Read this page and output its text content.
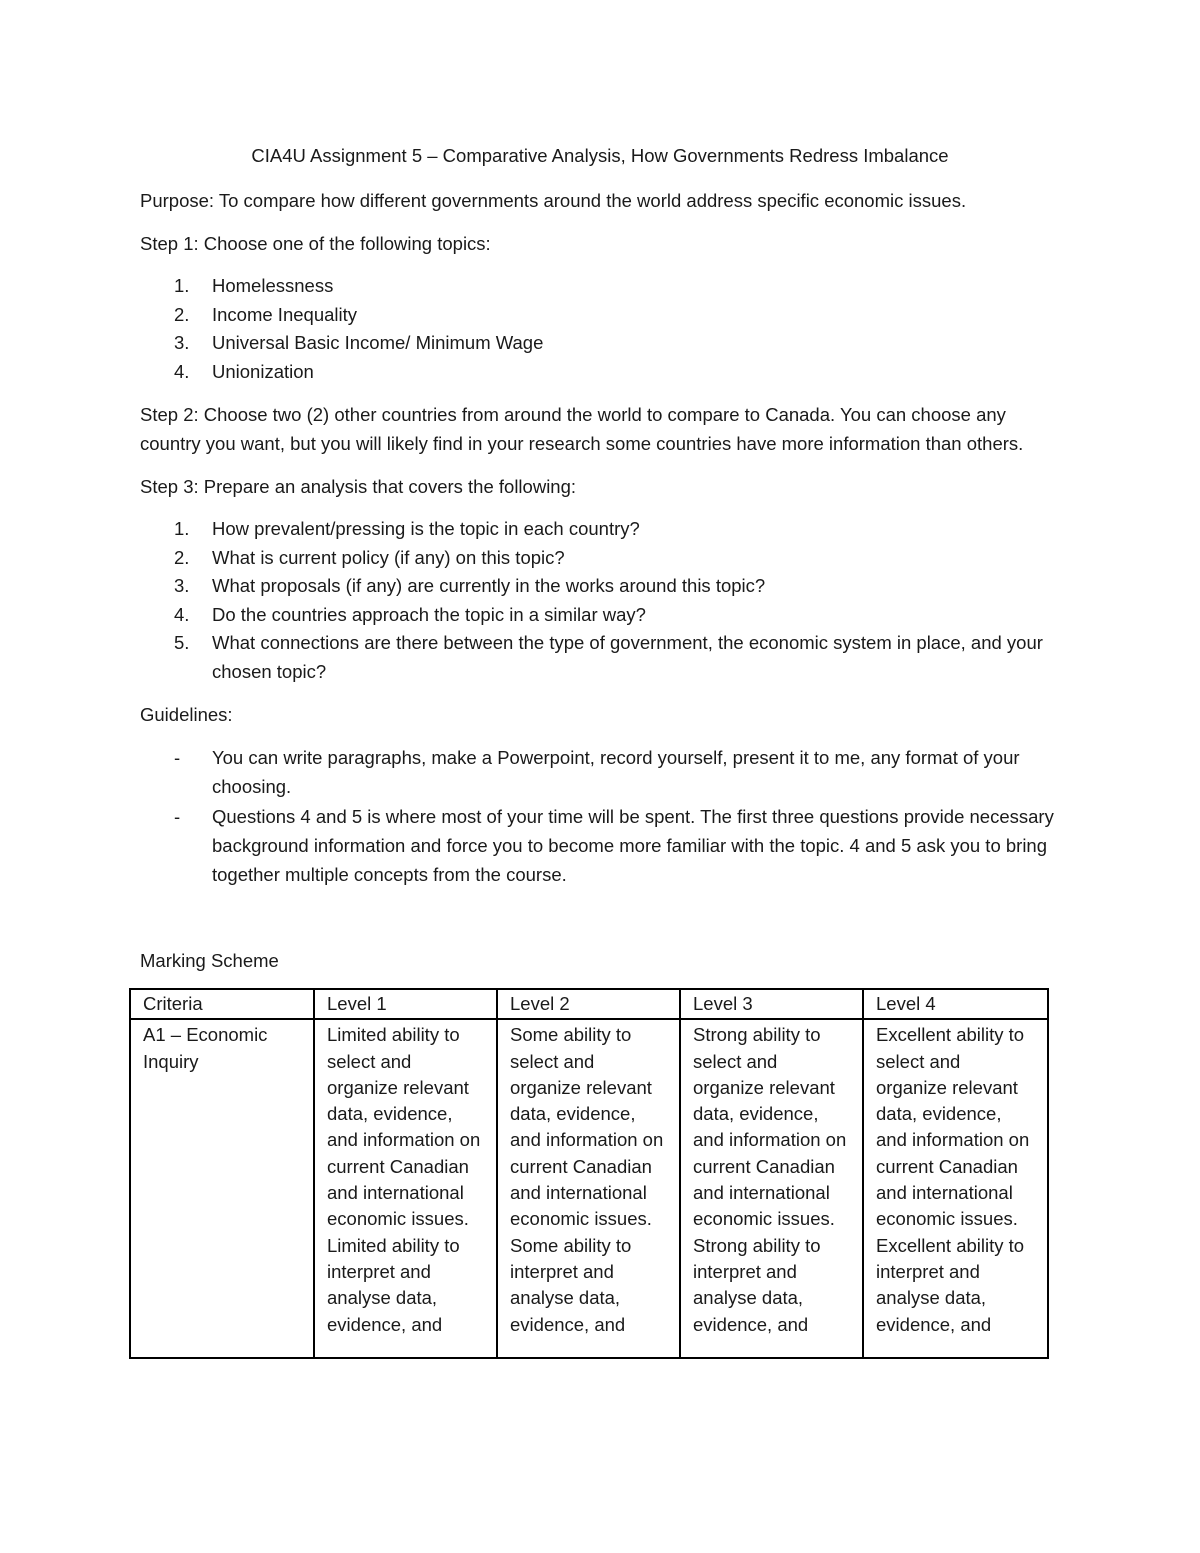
CIA4U Assignment 5 – Comparative Analysis, How Governments Redress Imbalance

Purpose: To compare how different governments around the world address specific economic issues.

Step 1: Choose one of the following topics:

1.	Homelessness
2.	Income Inequality
3.	Universal Basic Income/ Minimum Wage
4.	Unionization

Step 2: Choose two (2) other countries from around the world to compare to Canada. You can choose any country you want, but you will likely find in your research some countries have more information than others.

Step 3: Prepare an analysis that covers the following:

1.	How prevalent/pressing is the topic in each country?
2.	What is current policy (if any) on this topic?
3.	What proposals (if any) are currently in the works around this topic?
4.	Do the countries approach the topic in a similar way?
5.	What connections are there between the type of government, the economic system in place, and your chosen topic?

Guidelines:

- You can write paragraphs, make a Powerpoint, record yourself, present it to me, any format of your choosing.
- Questions 4 and 5 is where most of your time will be spent. The first three questions provide necessary background information and force you to become more familiar with the topic. 4 and 5 ask you to bring together multiple concepts from the course.

Marking Scheme

Criteria	Level 1	Level 2	Level 3	Level 4

A1 – Economic Inquiry	Limited ability to select and organize relevant data, evidence, and information on current Canadian and international economic issues. Limited ability to interpret and analyse data, evidence, and	Some ability to select and organize relevant data, evidence, and information on current Canadian and international economic issues. Some ability to interpret and analyse data, evidence, and	Strong ability to select and organize relevant data, evidence, and information on current Canadian and international economic issues. Strong ability to interpret and analyse data, evidence, and	Excellent ability to select and organize relevant data, evidence, and information on current Canadian and international economic issues. Excellent ability to interpret and analyse data, evidence, and
